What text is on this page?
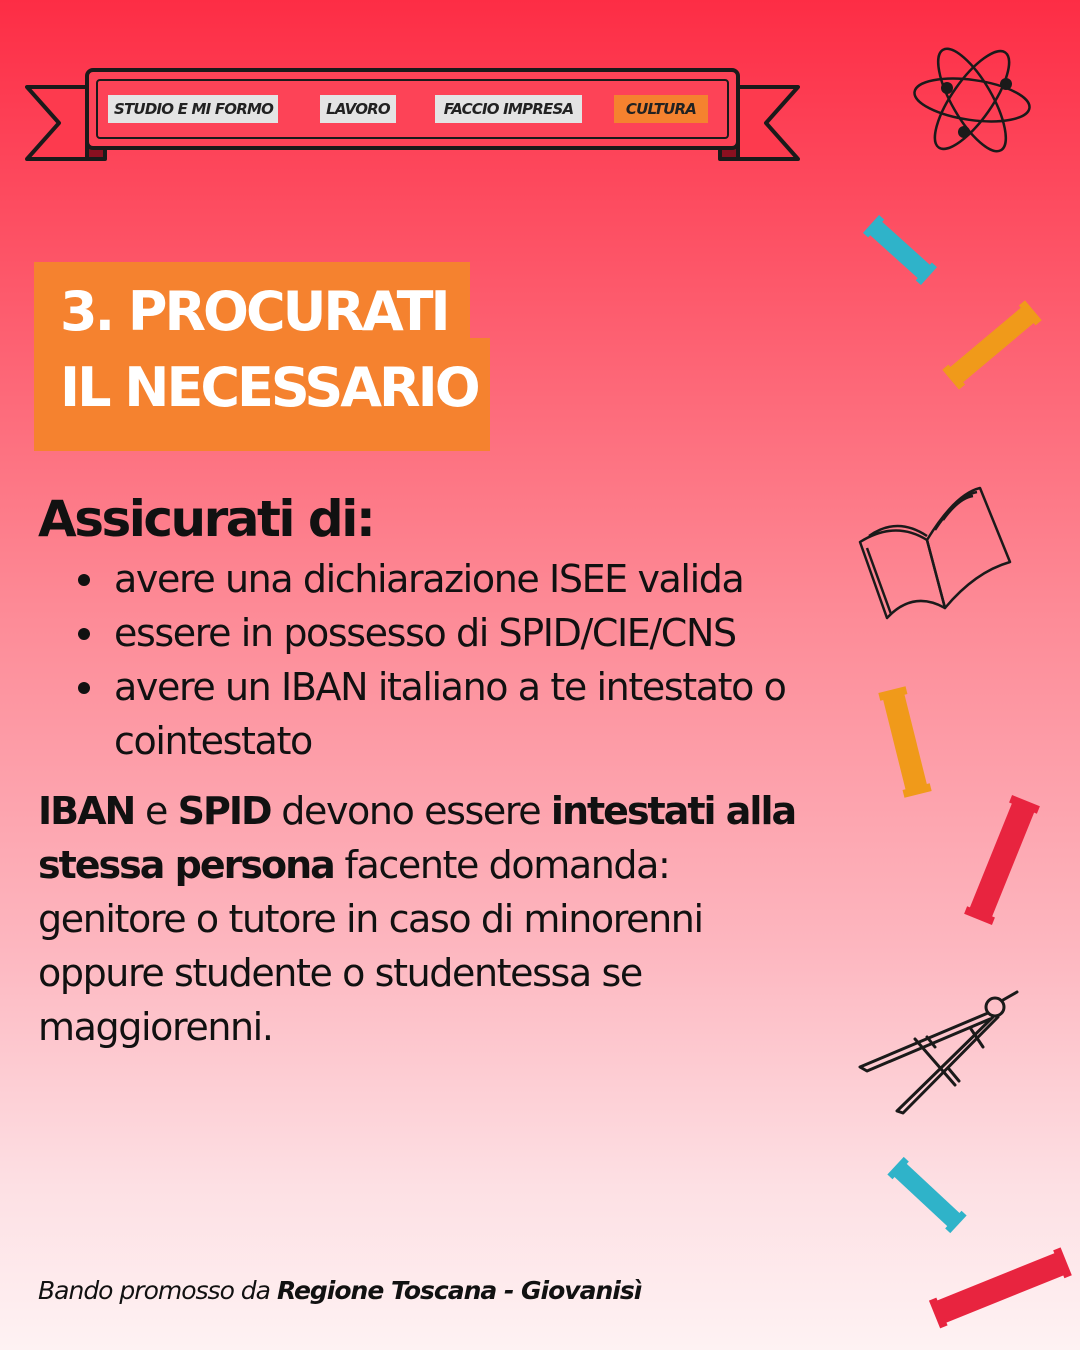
STUDIO E MI FORMO	LAVORO	FACCIO IMPRESA	CULTURA
3. PROCURATI
IL NECESSARIO
Assicurati di:
avere una dichiarazione ISEE valida
essere in possesso di SPID/CIE/CNS
avere un IBAN italiano a te intestato o cointestato
IBAN e SPID devono essere intestati alla stessa persona facente domanda: genitore o tutore in caso di minorenni oppure studente o studentessa se maggiorenni.
Bando promosso da Regione Toscana - Giovanisì
